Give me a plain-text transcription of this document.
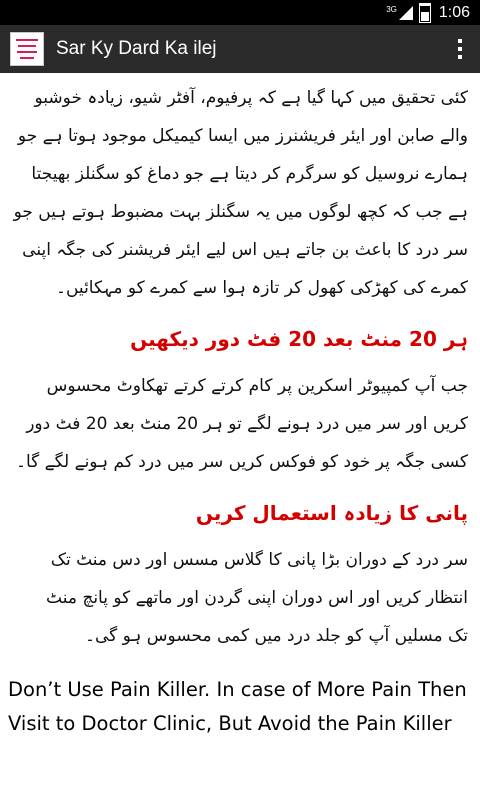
3G	1:06
Sar Ky Dard Ka ilej
کئی تحقیق میں کہا گیا ہے کہ پرفیوم، آفٹر شیو، زیادہ خوشبو والے صابن اور ایئر فریشنرز میں ایسا کیمیکل موجود ہوتا ہے جو ہمارے نروسیل کو سرگرم کر دیتا ہے جو دماغ کو سگنلز بھیجتا ہے جب کہ کچھ لوگوں میں یہ سگنلز بہت مضبوط ہوتے ہیں جو سر درد کا باعث بن جاتے ہیں اس لیے ایئر فریشنر کی جگہ اپنی کمرے کی کھڑکی کھول کر تازہ ہوا سے کمرے کو مہکائیں۔
ہر 20 منٹ بعد 20 فٹ دور دیکھیں
جب آپ کمپیوٹر اسکرین پر کام کرتے کرتے تھکاوٹ محسوس کریں اور سر میں درد ہونے لگے تو ہر 20 منٹ بعد 20 فٹ دور کسی جگہ پر خود کو فوکس کریں سر میں درد کم ہونے لگے گا۔
پانی کا زیادہ استعمال کریں
سر درد کے دوران بڑا پانی کا گلاس مسس اور دس منٹ تک انتظار کریں اور اس دوران اپنی گردن اور ماتھے کو پانچ منٹ
تک مسلیں آپ کو جلد درد میں کمی محسوس ہو گی۔
Don’t Use Pain Killer. In case of More Pain Then Visit to Doctor Clinic, But Avoid the Pain Killer
